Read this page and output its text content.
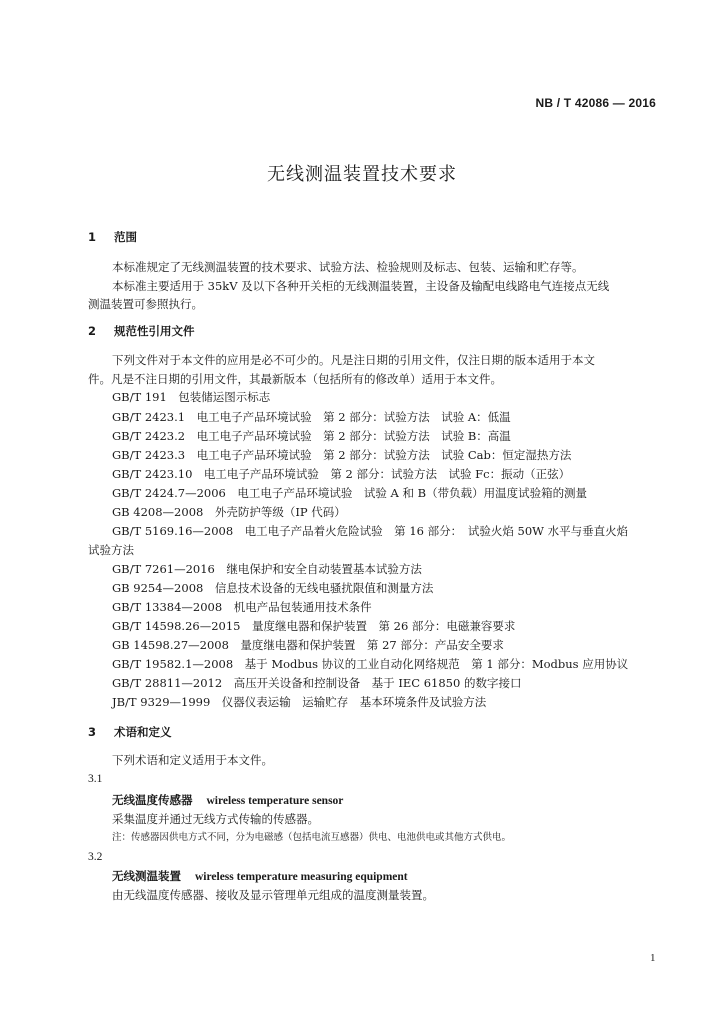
NB / T 42086 — 2016
无线测温装置技术要求
1 范围
本标准规定了无线测温装置的技术要求、试验方法、检验规则及标志、包装、运输和贮存等。
本标准主要适用于 35kV 及以下各种开关柜的无线测温装置，主设备及输配电线路电气连接点无线
测温装置可参照执行。
2 规范性引用文件
下列文件对于本文件的应用是必不可少的。凡是注日期的引用文件，仅注日期的版本适用于本文
件。凡是不注日期的引用文件，其最新版本（包括所有的修改单）适用于本文件。
GB/T 191　包装储运图示标志
GB/T 2423.1　电工电子产品环境试验　第 2 部分：试验方法　试验 A：低温
GB/T 2423.2　电工电子产品环境试验　第 2 部分：试验方法　试验 B：高温
GB/T 2423.3　电工电子产品环境试验　第 2 部分：试验方法　试验 Cab：恒定湿热方法
GB/T 2423.10　电工电子产品环境试验　第 2 部分：试验方法　试验 Fc：振动（正弦）
GB/T 2424.7—2006　电工电子产品环境试验　试验 A 和 B（带负载）用温度试验箱的测量
GB 4208—2008　外壳防护等级（IP 代码）
GB/T 5169.16—2008　电工电子产品着火危险试验　第 16 部分：　试验火焰 50W 水平与垂直火焰
试验方法
GB/T 7261—2016　继电保护和安全自动装置基本试验方法
GB 9254—2008　信息技术设备的无线电骚扰限值和测量方法
GB/T 13384—2008　机电产品包装通用技术条件
GB/T 14598.26—2015　量度继电器和保护装置　第 26 部分：电磁兼容要求
GB 14598.27—2008　量度继电器和保护装置　第 27 部分：产品安全要求
GB/T 19582.1—2008　基于 Modbus 协议的工业自动化网络规范　第 1 部分：Modbus 应用协议
GB/T 28811—2012　高压开关设备和控制设备　基于 IEC 61850 的数字接口
JB/T 9329—1999　仪器仪表运输　运输贮存　基本环境条件及试验方法
3 术语和定义
下列术语和定义适用于本文件。
3.1
无线温度传感器 wireless temperature sensor
采集温度并通过无线方式传输的传感器。
注：传感器因供电方式不同，分为电磁感（包括电流互感器）供电、电池供电或其他方式供电。
3.2
无线测温装置 wireless temperature measuring equipment
由无线温度传感器、接收及显示管理单元组成的温度测量装置。
1
